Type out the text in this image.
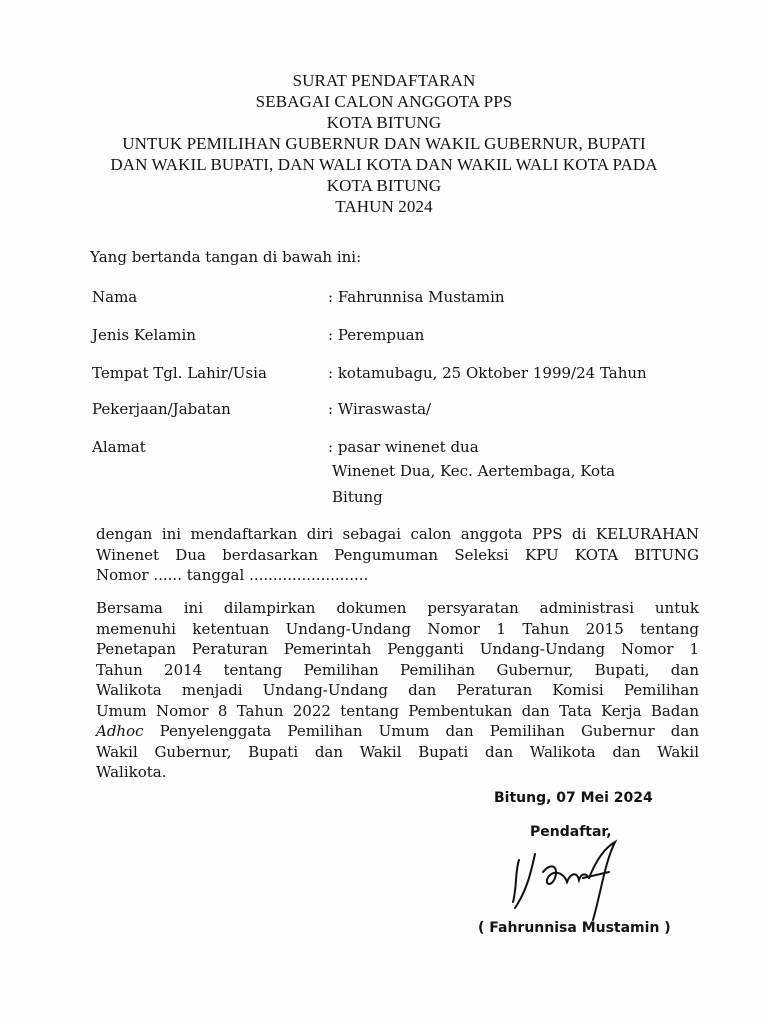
SURAT PENDAFTARAN
SEBAGAI CALON ANGGOTA PPS
KOTA BITUNG
UNTUK PEMILIHAN GUBERNUR DAN WAKIL GUBERNUR, BUPATI
DAN WAKIL BUPATI, DAN WALI KOTA DAN WAKIL WALI KOTA PADA
KOTA BITUNG
TAHUN 2024
Yang bertanda tangan di bawah ini:
Nama	: Fahrunnisa Mustamin
Jenis Kelamin	: Perempuan
Tempat Tgl. Lahir/Usia	: kotamubagu, 25 Oktober 1999/24 Tahun
Pekerjaan/Jabatan	: Wiraswasta/
Alamat	: pasar winenet dua
Winenet Dua, Kec. Aertembaga, Kota
Bitung
dengan ini mendaftarkan diri sebagai calon anggota PPS di KELURAHAN
Winenet Dua berdasarkan Pengumuman Seleksi KPU KOTA BITUNG
Nomor ...... tanggal .........................
Bersama ini dilampirkan dokumen persyaratan administrasi untuk
memenuhi ketentuan Undang-Undang Nomor 1 Tahun 2015 tentang
Penetapan Peraturan Pemerintah Pengganti Undang-Undang Nomor 1
Tahun 2014 tentang Pemilihan Pemilihan Gubernur, Bupati, dan
Walikota menjadi Undang-Undang dan Peraturan Komisi Pemilihan
Umum Nomor 8 Tahun 2022 tentang Pembentukan dan Tata Kerja Badan
Adhoc Penyelenggata Pemilihan Umum dan Pemilihan Gubernur dan
Wakil Gubernur, Bupati dan Wakil Bupati dan Walikota dan Wakil
Walikota.
Bitung, 07 Mei 2024
Pendaftar,
( Fahrunnisa Mustamin )
